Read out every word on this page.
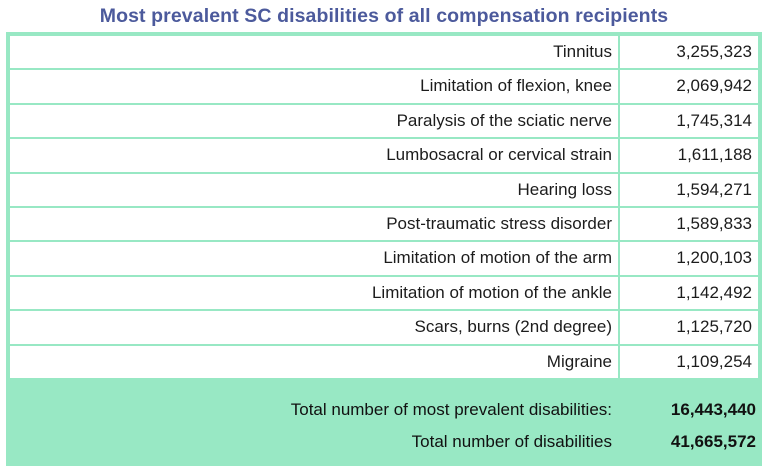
Most prevalent SC disabilities of all compensation recipients
Tinnitus	3,255,323
Limitation of flexion, knee	2,069,942
Paralysis of the sciatic nerve	1,745,314
Lumbosacral or cervical strain	1,611,188
Hearing loss	1,594,271
Post-traumatic stress disorder	1,589,833
Limitation of motion of the arm	1,200,103
Limitation of motion of the ankle	1,142,492
Scars, burns (2nd degree)	1,125,720
Migraine	1,109,254
Total number of most prevalent disabilities:	16,443,440
Total number of disabilities	41,665,572
